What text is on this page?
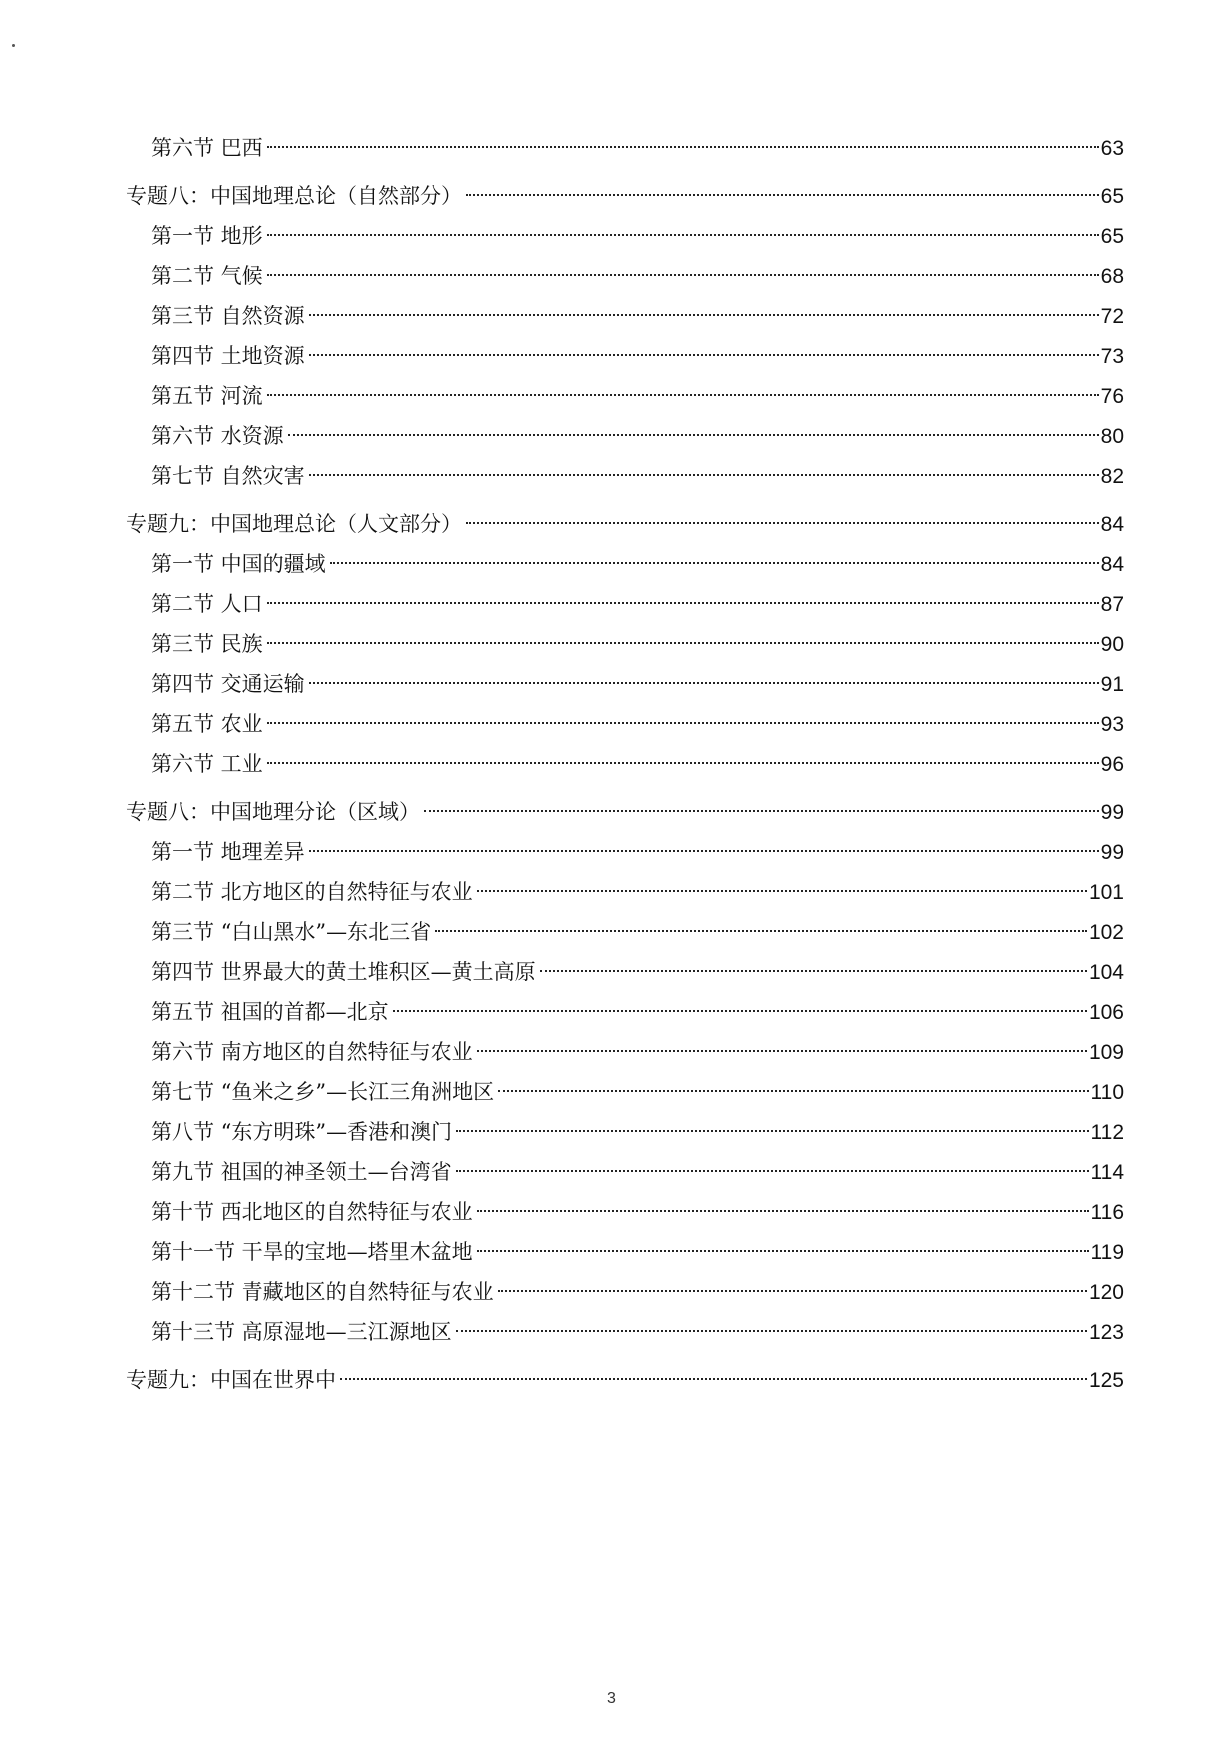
第六节 巴西	63
专题八：中国地理总论（自然部分）	65
第一节 地形	65
第二节 气候	68
第三节 自然资源	72
第四节 土地资源	73
第五节 河流	76
第六节 水资源	80
第七节 自然灾害	82
专题九：中国地理总论（人文部分）	84
第一节 中国的疆域	84
第二节 人口	87
第三节 民族	90
第四节 交通运输	91
第五节 农业	93
第六节 工业	96
专题八：中国地理分论（区域）	99
第一节 地理差异	99
第二节 北方地区的自然特征与农业	101
第三节 “白山黑水”—东北三省	102
第四节 世界最大的黄土堆积区—黄土高原	104
第五节 祖国的首都—北京	106
第六节 南方地区的自然特征与农业	109
第七节 “鱼米之乡”—长江三角洲地区	110
第八节 “东方明珠”—香港和澳门	112
第九节 祖国的神圣领土—台湾省	114
第十节 西北地区的自然特征与农业	116
第十一节 干旱的宝地—塔里木盆地	119
第十二节 青藏地区的自然特征与农业	120
第十三节 高原湿地—三江源地区	123
专题九：中国在世界中	125
3
